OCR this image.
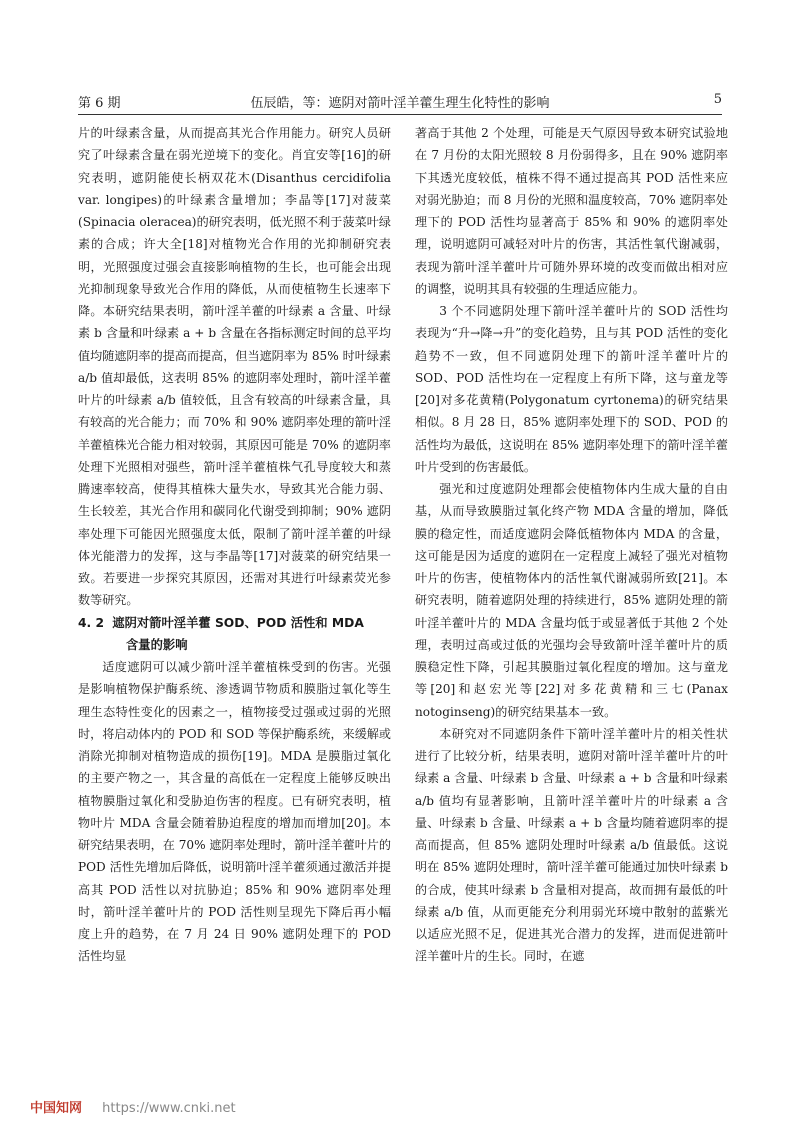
第 6 期	伍辰皓，等：遮阴对箭叶淫羊藿生理生化特性的影响	5

片的叶绿素含量，从而提高其光合作用能力。研究人员研究了叶绿素含量在弱光逆境下的变化。肖宜安等[16]的研究表明，遮阴能使长柄双花木(Disanthus cercidifolia var. longipes)的叶绿素含量增加；李晶等[17]对菠菜(Spinacia oleracea)的研究表明，低光照不利于菠菜叶绿素的合成；许大全[18]对植物光合作用的光抑制研究表明，光照强度过强会直接影响植物的生长，也可能会出现光抑制现象导致光合作用的降低，从而使植物生长速率下降。本研究结果表明，箭叶淫羊藿的叶绿素 a 含量、叶绿素 b 含量和叶绿素 a + b 含量在各指标测定时间的总平均值均随遮阴率的提高而提高，但当遮阴率为 85% 时叶绿素 a/b 值却最低，这表明 85% 的遮阴率处理时，箭叶淫羊藿叶片的叶绿素 a/b 值较低，且含有较高的叶绿素含量，具有较高的光合能力；而 70% 和 90% 遮阴率处理的箭叶淫羊藿植株光合能力相对较弱，其原因可能是 70% 的遮阴率处理下光照相对强些，箭叶淫羊藿植株气孔导度较大和蒸腾速率较高，使得其植株大量失水，导致其光合能力弱、生长较差，其光合作用和碳同化代谢受到抑制；90% 遮阴率处理下可能因光照强度太低，限制了箭叶淫羊藿的叶绿体光能潜力的发挥，这与李晶等[17]对菠菜的研究结果一致。若要进一步探究其原因，还需对其进行叶绿素荧光参数等研究。

4. 2 遮阴对箭叶淫羊藿 SOD、POD 活性和 MDA
含量的影响

适度遮阴可以减少箭叶淫羊藿植株受到的伤害。光强是影响植物保护酶系统、渗透调节物质和膜脂过氧化等生理生态特性变化的因素之一，植物接受过强或过弱的光照时，将启动体内的 POD 和 SOD 等保护酶系统，来缓解或消除光抑制对植物造成的损伤[19]。MDA 是膜脂过氧化的主要产物之一，其含量的高低在一定程度上能够反映出植物膜脂过氧化和受胁迫伤害的程度。已有研究表明，植物叶片 MDA 含量会随着胁迫程度的增加而增加[20]。本研究结果表明，在 70% 遮阴率处理时，箭叶淫羊藿叶片的 POD 活性先增加后降低，说明箭叶淫羊藿须通过激活并提高其 POD 活性以对抗胁迫；85% 和 90% 遮阴率处理时，箭叶淫羊藿叶片的 POD 活性则呈现先下降后再小幅度上升的趋势，在 7 月 24 日 90% 遮阴处理下的 POD 活性均显

著高于其他 2 个处理，可能是天气原因导致本研究试验地在 7 月份的太阳光照较 8 月份弱得多，且在 90% 遮阴率下其透光度较低，植株不得不通过提高其 POD 活性来应对弱光胁迫；而 8 月份的光照和温度较高，70% 遮阴率处理下的 POD 活性均显著高于 85% 和 90% 的遮阴率处理，说明遮阴可减轻对叶片的伤害，其活性氧代谢减弱，表现为箭叶淫羊藿叶片可随外界环境的改变而做出相对应的调整，说明其具有较强的生理适应能力。

3 个不同遮阴处理下箭叶淫羊藿叶片的 SOD 活性均表现为“升→降→升”的变化趋势，且与其 POD 活性的变化趋势不一致，但不同遮阴处理下的箭叶淫羊藿叶片的 SOD、POD 活性均在一定程度上有所下降，这与童龙等[20]对多花黄精(Polygonatum cyrtonema)的研究结果相似。8 月 28 日，85% 遮阴率处理下的 SOD、POD 的活性均为最低，这说明在 85% 遮阴率处理下的箭叶淫羊藿叶片受到的伤害最低。

强光和过度遮阴处理都会使植物体内生成大量的自由基，从而导致膜脂过氧化终产物 MDA 含量的增加，降低膜的稳定性，而适度遮阴会降低植物体内 MDA 的含量，这可能是因为适度的遮阴在一定程度上减轻了强光对植物叶片的伤害，使植物体内的活性氧代谢减弱所致[21]。本研究表明，随着遮阴处理的持续进行，85% 遮阴处理的箭叶淫羊藿叶片的 MDA 含量均低于或显著低于其他 2 个处理，表明过高或过低的光强均会导致箭叶淫羊藿叶片的质膜稳定性下降，引起其膜脂过氧化程度的增加。这与童龙等[20]和赵宏光等[22]对多花黄精和三七(Panax notoginseng)的研究结果基本一致。

本研究对不同遮阴条件下箭叶淫羊藿叶片的相关性状进行了比较分析，结果表明，遮阴对箭叶淫羊藿叶片的叶绿素 a 含量、叶绿素 b 含量、叶绿素 a + b 含量和叶绿素 a/b 值均有显著影响，且箭叶淫羊藿叶片的叶绿素 a 含量、叶绿素 b 含量、叶绿素 a + b 含量均随着遮阴率的提高而提高，但 85% 遮阴处理时叶绿素 a/b 值最低。这说明在 85% 遮阴处理时，箭叶淫羊藿可能通过加快叶绿素 b 的合成，使其叶绿素 b 含量相对提高，故而拥有最低的叶绿素 a/b 值，从而更能充分利用弱光环境中散射的蓝紫光以适应光照不足，促进其光合潜力的发挥，进而促进箭叶淫羊藿叶片的生长。同时，在遮

中国知网 https://www.cnki.net
